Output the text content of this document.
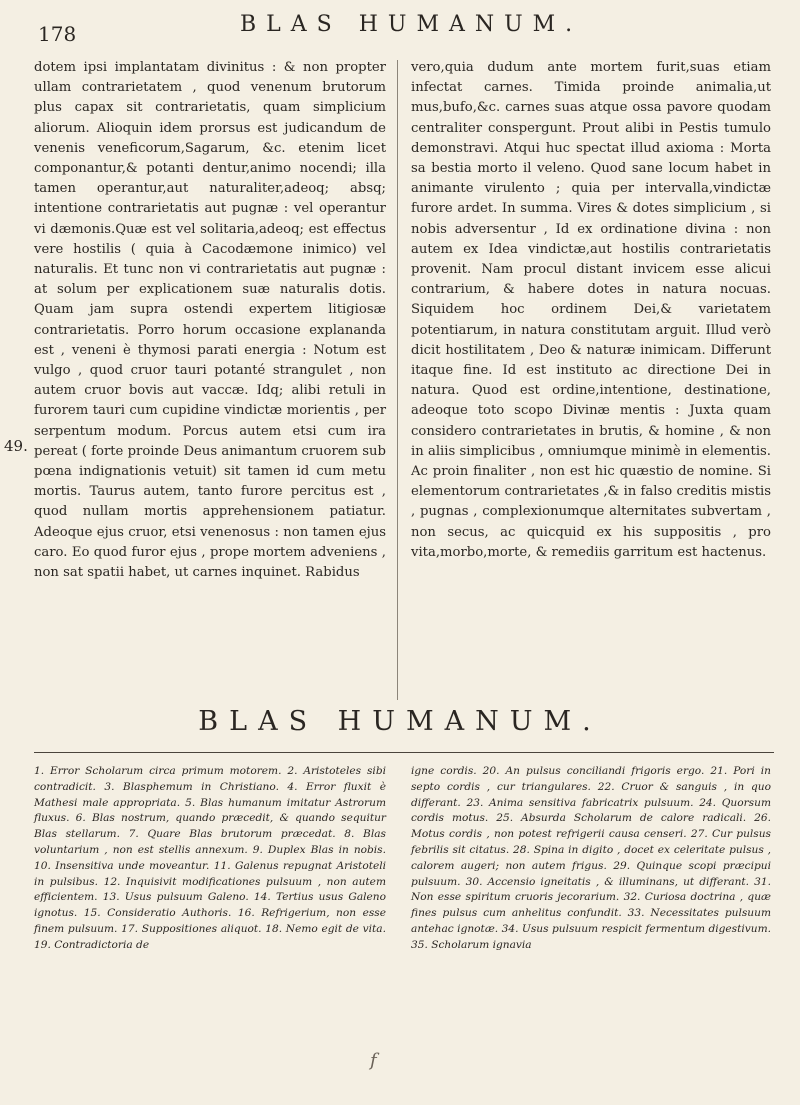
178	BLAS HUMANUM.
49.

dotem ipsi implantatam divinitus : & non propter ullam contrarietatem , quod venenum brutorum plus capax sit contrarietatis, quam simplicium aliorum. Alioquin idem prorsus est judicandum de venenis veneficorum,Sagarum, &c. etenim licet componantur,& potanti dentur,animo nocendi; illa tamen operantur,aut naturaliter,adeoq; absq; intentione contrarietatis aut pugnæ : vel operantur vi dæmonis.Quæ est vel solitaria,adeoq; est effectus vere hostilis ( quia à Cacodæmone inimico) vel naturalis. Et tunc non vi contrarietatis aut pugnæ : at solum per explicationem suæ naturalis dotis. Quam jam supra ostendi expertem litigiosæ contrarietatis. Porro horum occasione explananda est , veneni è thymosi parati energia : Notum est vulgo , quod cruor tauri potanté strangulet , non autem cruor bovis aut vaccæ. Idq; alibi retuli in furorem tauri cum cupidine vindictæ morientis , per serpentum modum. Porcus autem etsi cum ira pereat ( forte proinde Deus animantum cruorem sub pœna indignationis vetuit) sit tamen id cum metu mortis. Taurus autem, tanto furore percitus est , quod nullam mortis apprehensionem patiatur. Adeoque ejus cruor, etsi venenosus : non tamen ejus caro. Eo quod furor ejus , prope mortem adveniens , non sat spatii habet, ut carnes inquinet. Rabidus

vero,quia dudum ante mortem furit,suas etiam infectat carnes. Timida proinde animalia,ut mus,bufo,&c. carnes suas atque ossa pavore quodam centraliter conspergunt. Prout alibi in Pestis tumulo demonstravi. Atqui huc spectat illud axioma : Morta sa bestia morto il veleno. Quod sane locum habet in animante virulento ; quia per intervalla,vindictæ furore ardet. In summa. Vires & dotes simplicium , si nobis adversentur , Id ex ordinatione divina : non autem ex Idea vindictæ,aut hostilis contrarietatis provenit. Nam procul distant invicem esse alicui contrarium, & habere dotes in natura nocuas. Siquidem hoc ordinem Dei,& varietatem potentiarum, in natura constitutam arguit. Illud verò dicit hostilitatem , Deo & naturæ inimicam. Differunt itaque fine. Id est instituto ac directione Dei in natura. Quod est ordine,intentione, destinatione, adeoque toto scopo Divinæ mentis : Juxta quam considero contrarietates in brutis, & homine , & non in aliis simplicibus , omniumque minimè in elementis. Ac proin finaliter , non est hic quæstio de nomine. Si elementorum contrarietates ,& in falso creditis mistis , pugnas , complexionumque alternitates subvertam , non secus, ac quicquid ex his suppositis , pro vita,morbo,morte, & remediis garritum est hactenus.

BLAS HUMANUM.

1. Error Scholarum circa primum motorem. 2. Aristoteles sibi contradicit. 3. Blasphemum in Christiano. 4. Error fluxit è Mathesi male appropriata. 5. Blas humanum imitatur Astrorum fluxus. 6. Blas nostrum, quando præcedit, & quando sequitur Blas stellarum. 7. Quare Blas brutorum præcedat. 8. Blas voluntarium , non est stellis annexum. 9. Duplex Blas in nobis. 10. Insensitiva unde moveantur. 11. Galenus repugnat Aristoteli in pulsibus. 12. Inquisivit modificationes pulsuum , non autem efficientem. 13. Usus pulsuum Galeno. 14. Tertius usus Galeno ignotus. 15. Consideratio Authoris. 16. Refrigerium, non esse finem pulsuum. 17. Suppositiones aliquot. 18. Nemo egit de vita. 19. Contradictoria de

igne cordis. 20. An pulsus conciliandi frigoris ergo. 21. Pori in septo cordis , cur triangulares. 22. Cruor & sanguis , in quo differant. 23. Anima sensitiva fabricatrix pulsuum. 24. Quorsum cordis motus. 25. Absurda Scholarum de calore radicali. 26. Motus cordis , non potest refrigerii causa censeri. 27. Cur pulsus febrilis sit citatus. 28. Spina in digito , docet ex celeritate pulsus , calorem augeri; non autem frigus. 29. Quinque scopi præcipui pulsuum. 30. Accensio igneitatis , & illuminans, ut differant. 31. Non esse spiritum cruoris jecorarium. 32. Curiosa doctrina , quæ fines pulsus cum anhelitus confundit. 33. Necessitates pulsuum antehac ignotæ. 34. Usus pulsuum respicit fermentum digestivum. 35. Scholarum ignavia

f
